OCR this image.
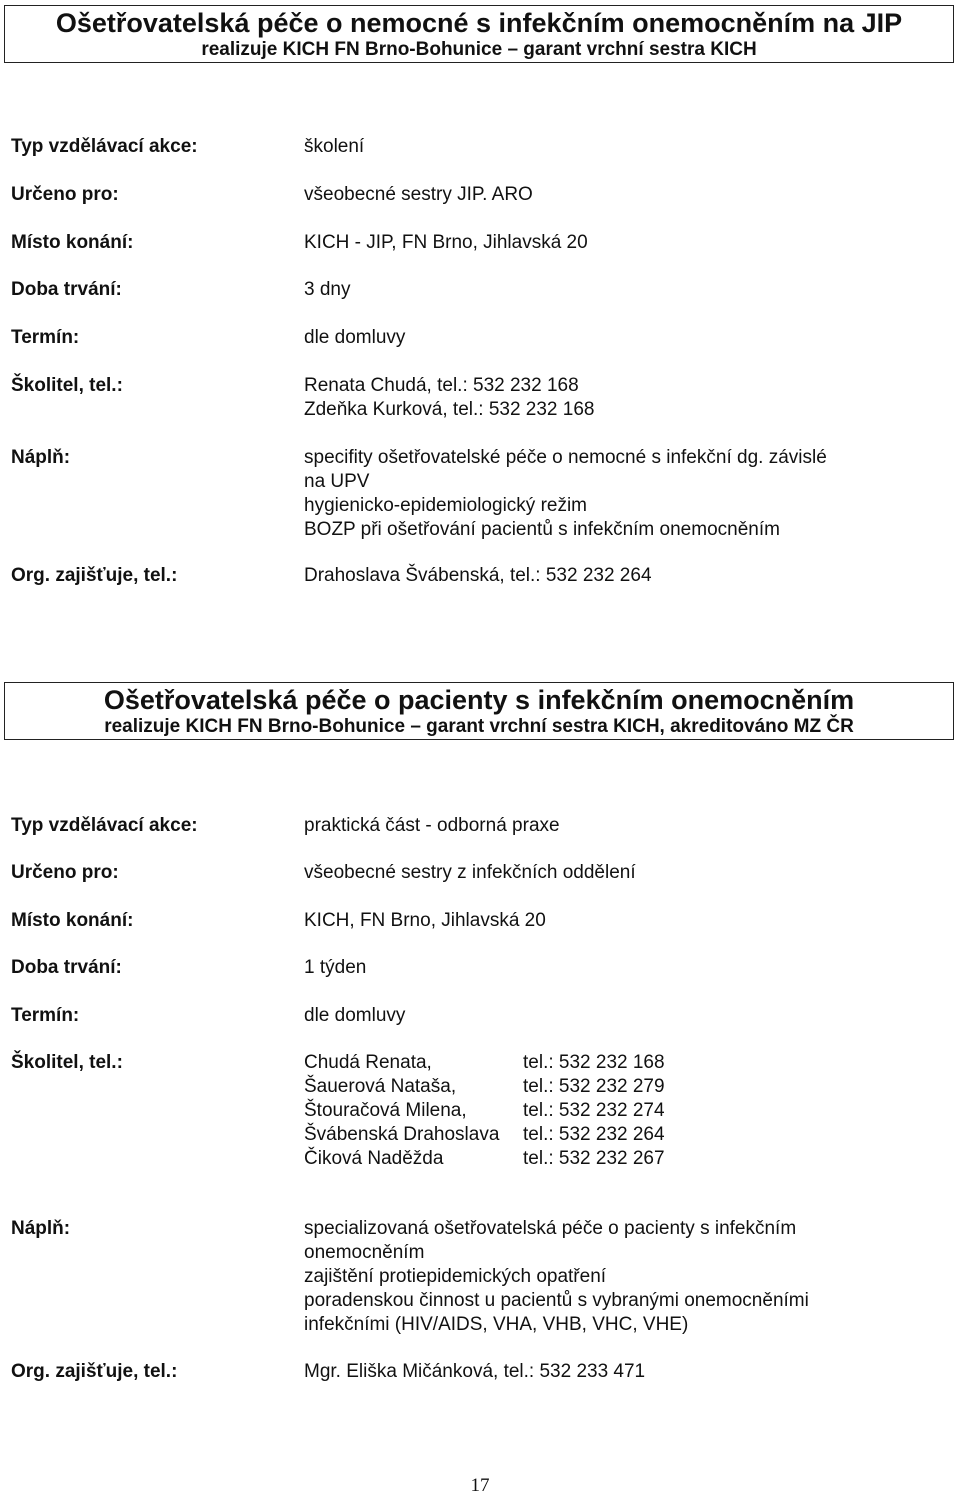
Ošetřovatelská péče o nemocné s infekčním onemocněním na JIP
realizuje KICH FN Brno-Bohunice – garant vrchní sestra KICH
Typ vzdělávací akce:	školení
Určeno pro:	všeobecné sestry JIP. ARO
Místo konání:	KICH - JIP, FN Brno, Jihlavská 20
Doba trvání:	3 dny
Termín:	dle domluvy
Školitel, tel.:	Renata Chudá, tel.: 532 232 168
Zdeňka Kurková, tel.: 532 232 168
Náplň:	specifity ošetřovatelské péče o nemocné s infekční dg. závislé
na UPV
hygienicko-epidemiologický režim
BOZP při ošetřování pacientů s infekčním onemocněním
Org. zajišťuje, tel.:	Drahoslava Švábenská, tel.: 532 232 264
Ošetřovatelská péče o pacienty s infekčním onemocněním
realizuje KICH FN Brno-Bohunice – garant vrchní sestra KICH, akreditováno MZ ČR
Typ vzdělávací akce:	praktická část - odborná praxe
Určeno pro:	všeobecné sestry z infekčních oddělení
Místo konání:	KICH, FN Brno, Jihlavská 20
Doba trvání:	1 týden
Termín:	dle domluvy
Školitel, tel.:	Chudá Renata,	tel.: 532 232 168
Šauerová Nataša,	tel.: 532 232 279
Štouračová Milena,	tel.: 532 232 274
Švábenská Drahoslava	tel.: 532 232 264
Čiková Naděžda	tel.: 532 232 267
Náplň:	specializovaná ošetřovatelská péče o pacienty s infekčním
onemocněním
zajištění protiepidemických opatření
poradenskou činnost u pacientů s vybranými onemocněními
infekčními (HIV/AIDS, VHA, VHB, VHC, VHE)
Org. zajišťuje, tel.:	Mgr. Eliška Mičánková, tel.: 532 233 471
17
